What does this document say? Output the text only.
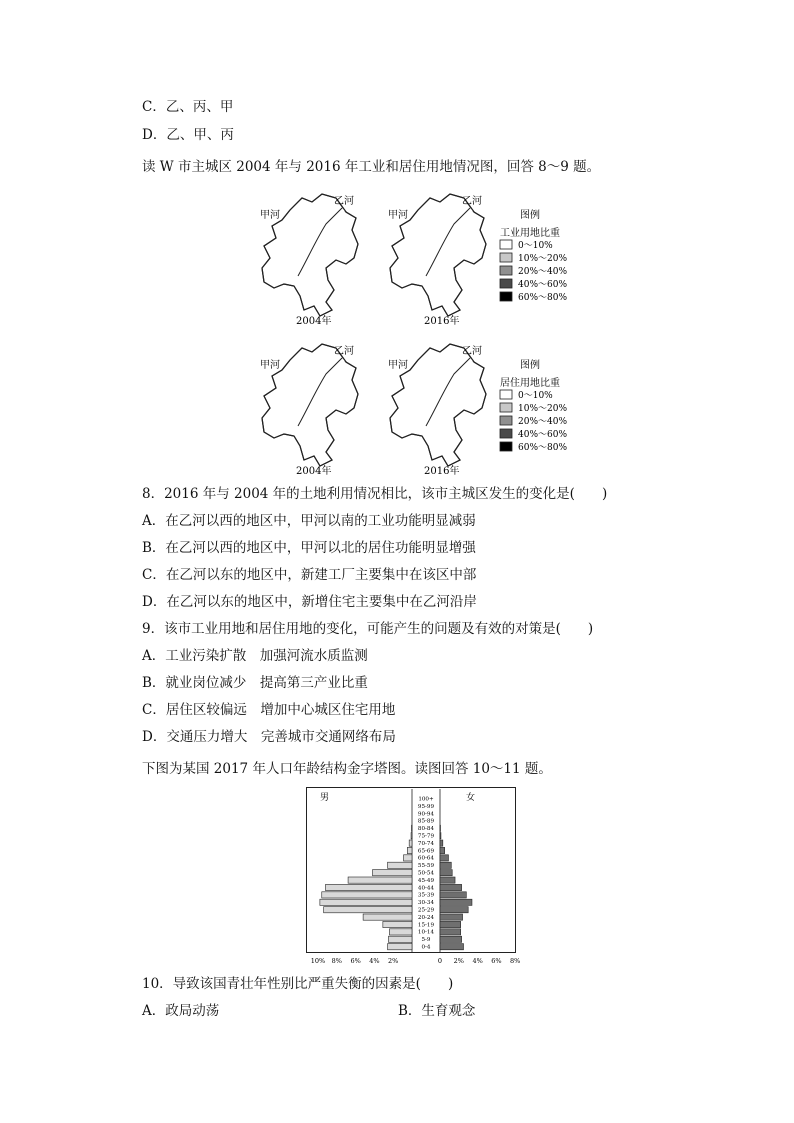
C．乙、丙、甲
D．乙、甲、丙
读 W 市主城区 2004 年与 2016 年工业和居住用地情况图，回答 8～9 题。
甲河
乙河
2004年
甲河
乙河
2016年
图例
工业用地比重
0～10%
10%～20%
20%～40%
40%～60%
60%～80%
甲河
乙河
2004年
甲河
乙河
2016年
图例
居住用地比重
0～10%
10%～20%
20%～40%
40%～60%
60%～80%
8．2016 年与 2004 年的土地利用情况相比，该市主城区发生的变化是(　　)
A．在乙河以西的地区中，甲河以南的工业功能明显减弱
B．在乙河以西的地区中，甲河以北的居住功能明显增强
C．在乙河以东的地区中，新建工厂主要集中在该区中部
D．在乙河以东的地区中，新增住宅主要集中在乙河沿岸
9．该市工业用地和居住用地的变化，可能产生的问题及有效的对策是(　　)
A．工业污染扩散　加强河流水质监测
B．就业岗位减少　提高第三产业比重
C．居住区较偏远　增加中心城区住宅用地
D．交通压力增大　完善城市交通网络布局
下图为某国 2017 年人口年龄结构金字塔图。读图回答 10～11 题。
男	女
100+
95-99
90-94
85-89
80-84
75-79
70-74
65-69
60-64
55-59
50-54
45-49
40-44
35-39
30-34
25-29
20-24
15-19
10-14
5-9
0-4
10% 8% 6% 4% 2%	0 2% 4% 6% 8%
10．导致该国青壮年性别比严重失衡的因素是(　　)
A．政局动荡	B．生育观念
